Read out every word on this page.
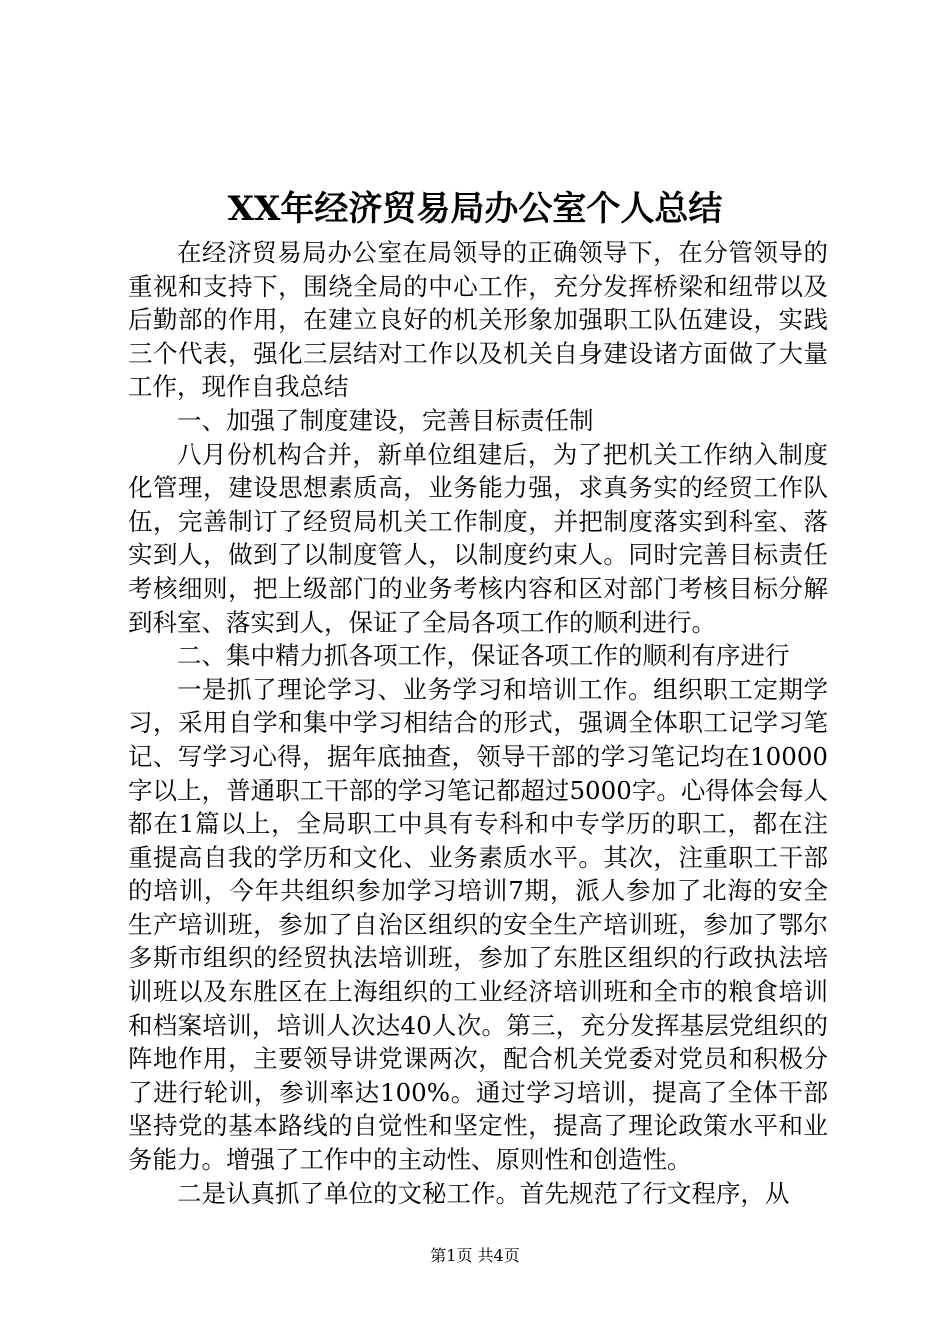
XX年经济贸易局办公室个人总结

在经济贸易局办公室在局领导的正确领导下，在分管领导的重视和支持下，围绕全局的中心工作，充分发挥桥梁和纽带以及后勤部的作用，在建立良好的机关形象加强职工队伍建设，实践三个代表，强化三层结对工作以及机关自身建设诸方面做了大量工作，现作自我总结

一、加强了制度建设，完善目标责任制

八月份机构合并，新单位组建后，为了把机关工作纳入制度化管理，建设思想素质高，业务能力强，求真务实的经贸工作队伍，完善制订了经贸局机关工作制度，并把制度落实到科室、落实到人，做到了以制度管人，以制度约束人。同时完善目标责任考核细则，把上级部门的业务考核内容和区对部门考核目标分解到科室、落实到人，保证了全局各项工作的顺利进行。

二、集中精力抓各项工作，保证各项工作的顺利有序进行

一是抓了理论学习、业务学习和培训工作。组织职工定期学习，采用自学和集中学习相结合的形式，强调全体职工记学习笔记、写学习心得，据年底抽查，领导干部的学习笔记均在10000字以上，普通职工干部的学习笔记都超过5000字。心得体会每人都在1篇以上，全局职工中具有专科和中专学历的职工，都在注重提高自我的学历和文化、业务素质水平。其次，注重职工干部的培训，今年共组织参加学习培训7期，派人参加了北海的安全生产培训班，参加了自治区组织的安全生产培训班，参加了鄂尔多斯市组织的经贸执法培训班，参加了东胜区组织的行政执法培训班以及东胜区在上海组织的工业经济培训班和全市的粮食培训和档案培训，培训人次达40人次。第三，充分发挥基层党组织的阵地作用，主要领导讲党课两次，配合机关党委对党员和积极分了进行轮训，参训率达100%。通过学习培训，提高了全体干部坚持党的基本路线的自觉性和坚定性，提高了理论政策水平和业务能力。增强了工作中的主动性、原则性和创造性。

二是认真抓了单位的文秘工作。首先规范了行文程序，从

第1页 共4页
